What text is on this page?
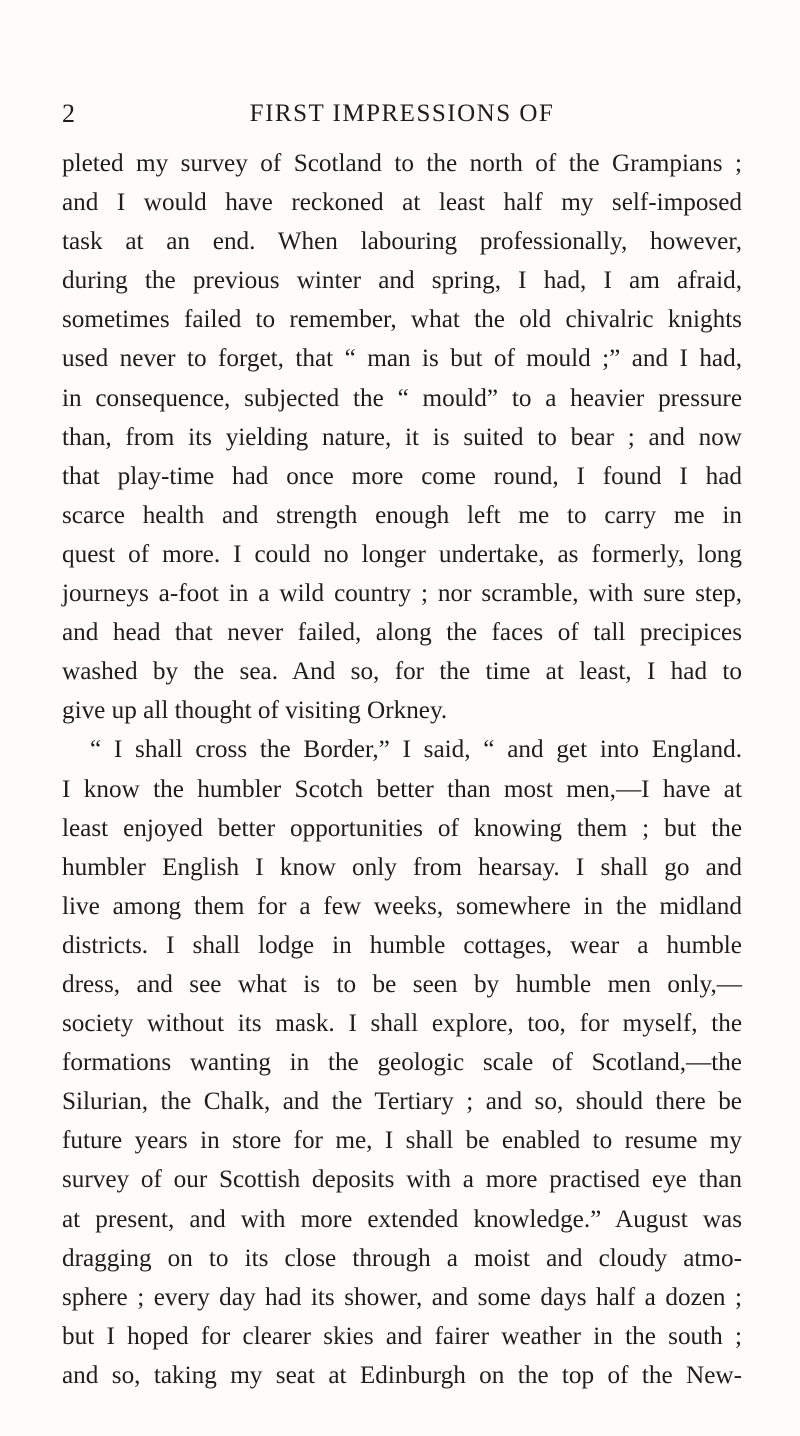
2	FIRST IMPRESSIONS OF
pleted my survey of Scotland to the north of the Grampians ;
and I would have reckoned at least half my self-imposed
task at an end. When labouring professionally, however,
during the previous winter and spring, I had, I am afraid,
sometimes failed to remember, what the old chivalric knights
used never to forget, that “ man is but of mould ;” and I had,
in consequence, subjected the “ mould” to a heavier pressure
than, from its yielding nature, it is suited to bear ; and now
that play-time had once more come round, I found I had
scarce health and strength enough left me to carry me in
quest of more. I could no longer undertake, as formerly, long
journeys a-foot in a wild country ; nor scramble, with sure step,
and head that never failed, along the faces of tall precipices
washed by the sea. And so, for the time at least, I had to
give up all thought of visiting Orkney.
“ I shall cross the Border,” I said, “ and get into England.
I know the humbler Scotch better than most men,—I have at
least enjoyed better opportunities of knowing them ; but the
humbler English I know only from hearsay. I shall go and
live among them for a few weeks, somewhere in the midland
districts. I shall lodge in humble cottages, wear a humble
dress, and see what is to be seen by humble men only,—
society without its mask. I shall explore, too, for myself, the
formations wanting in the geologic scale of Scotland,—the
Silurian, the Chalk, and the Tertiary ; and so, should there be
future years in store for me, I shall be enabled to resume my
survey of our Scottish deposits with a more practised eye than
at present, and with more extended knowledge.” August was
dragging on to its close through a moist and cloudy atmo-
sphere ; every day had its shower, and some days half a dozen ;
but I hoped for clearer skies and fairer weather in the south ;
and so, taking my seat at Edinburgh on the top of the New-
